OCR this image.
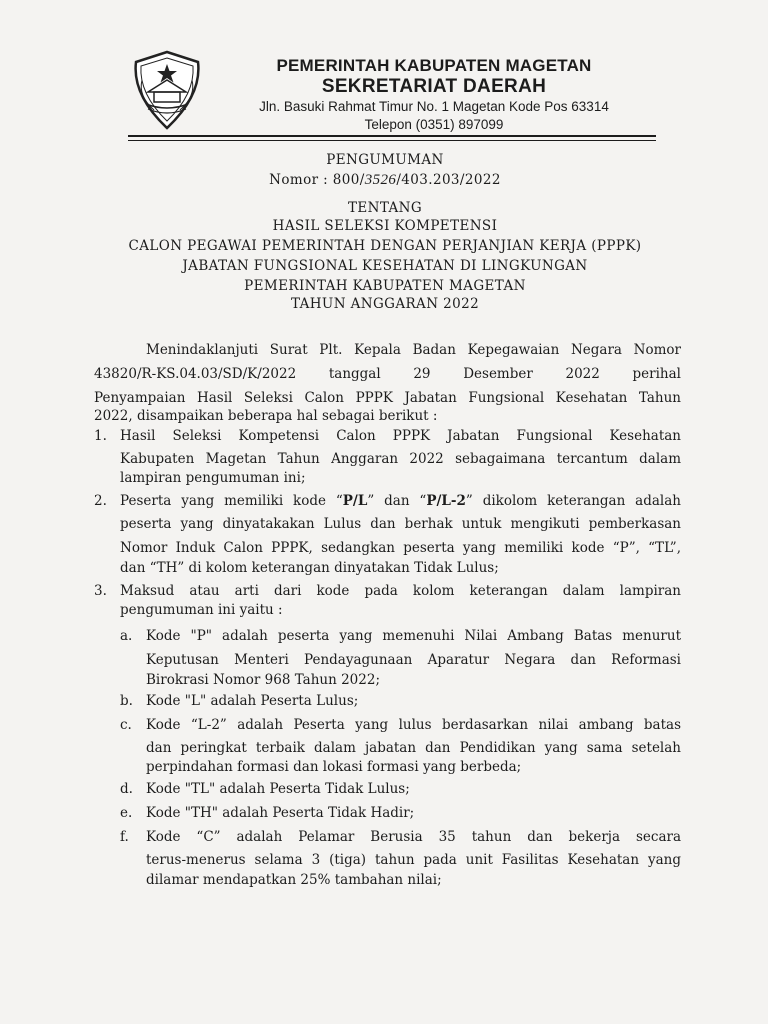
PEMERINTAH KABUPATEN MAGETAN
SEKRETARIAT DAERAH
Jln. Basuki Rahmat Timur No. 1 Magetan Kode Pos 63314
Telepon (0351) 897099
PENGUMUMAN
Nomor : 800/3526/403.203/2022
TENTANG
HASIL SELEKSI KOMPETENSI
CALON PEGAWAI PEMERINTAH DENGAN PERJANJIAN KERJA (PPPK)
JABATAN FUNGSIONAL KESEHATAN DI LINGKUNGAN
PEMERINTAH KABUPATEN MAGETAN
TAHUN ANGGARAN 2022
Menindaklanjuti Surat Plt. Kepala Badan Kepegawaian Negara Nomor
43820/R-KS.04.03/SD/K/2022 tanggal 29 Desember 2022 perihal
Penyampaian Hasil Seleksi Calon PPPK Jabatan Fungsional Kesehatan Tahun
2022, disampaikan beberapa hal sebagai berikut :
1. Hasil Seleksi Kompetensi Calon PPPK Jabatan Fungsional Kesehatan
Kabupaten Magetan Tahun Anggaran 2022 sebagaimana tercantum dalam
lampiran pengumuman ini;
2. Peserta yang memiliki kode “P/L” dan “P/L-2” dikolom keterangan adalah
peserta yang dinyatakakan Lulus dan berhak untuk mengikuti pemberkasan
Nomor Induk Calon PPPK, sedangkan peserta yang memiliki kode “P”, “TL”,
dan “TH” di kolom keterangan dinyatakan Tidak Lulus;
3. Maksud atau arti dari kode pada kolom keterangan dalam lampiran
pengumuman ini yaitu :
a. Kode "P" adalah peserta yang memenuhi Nilai Ambang Batas menurut
Keputusan Menteri Pendayagunaan Aparatur Negara dan Reformasi
Birokrasi Nomor 968 Tahun 2022;
b. Kode "L" adalah Peserta Lulus;
c. Kode “L-2” adalah Peserta yang lulus berdasarkan nilai ambang batas
dan peringkat terbaik dalam jabatan dan Pendidikan yang sama setelah
perpindahan formasi dan lokasi formasi yang berbeda;
d. Kode "TL" adalah Peserta Tidak Lulus;
e. Kode "TH" adalah Peserta Tidak Hadir;
f. Kode “C” adalah Pelamar Berusia 35 tahun dan bekerja secara
terus-menerus selama 3 (tiga) tahun pada unit Fasilitas Kesehatan yang
dilamar mendapatkan 25% tambahan nilai;
